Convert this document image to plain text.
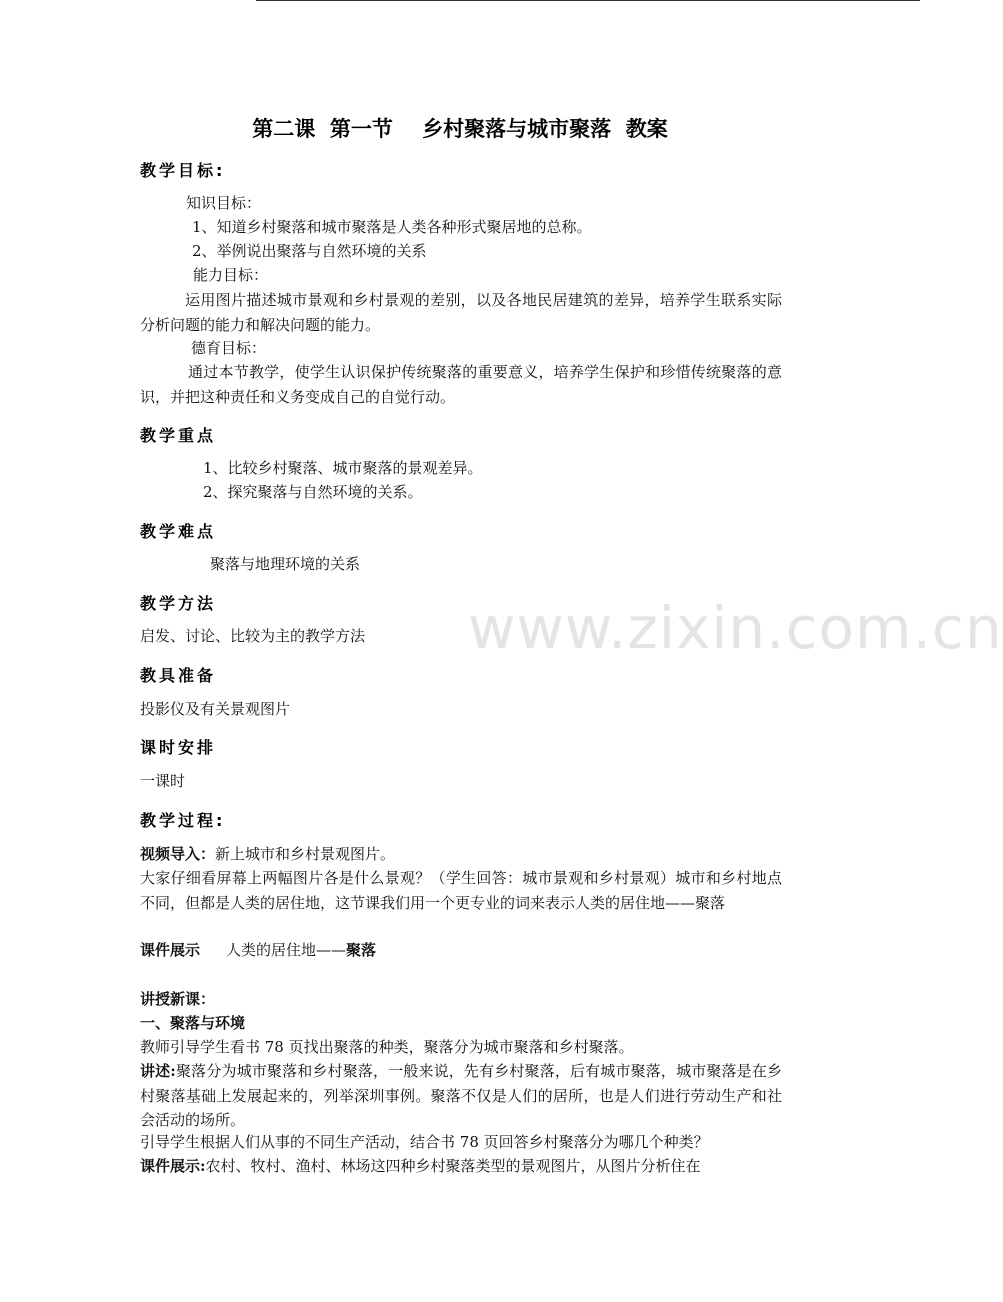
www.zixin.com.cn
第二课  第一节    乡村聚落与城市聚落  教案
教学目标:
知识目标：
1、知道乡村聚落和城市聚落是人类各种形式聚居地的总称。
2、举例说出聚落与自然环境的关系
能力目标：
运用图片描述城市景观和乡村景观的差别，以及各地民居建筑的差异，培养学生联系实际分析问题的能力和解决问题的能力。
德育目标：
通过本节教学，使学生认识保护传统聚落的重要意义，培养学生保护和珍惜传统聚落的意识，并把这种责任和义务变成自己的自觉行动。
教学重点
1、比较乡村聚落、城市聚落的景观差异。
2、探究聚落与自然环境的关系。
教学难点
聚落与地理环境的关系
教学方法
启发、讨论、比较为主的教学方法
教具准备
投影仪及有关景观图片
课时安排
一课时
教学过程:
视频导入：新上城市和乡村景观图片。
大家仔细看屏幕上两幅图片各是什么景观？（学生回答：城市景观和乡村景观）城市和乡村地点不同，但都是人类的居住地，这节课我们用一个更专业的词来表示人类的居住地——聚落
课件展示 人类的居住地——聚落
讲授新课：
一、聚落与环境
教师引导学生看书 78 页找出聚落的种类，聚落分为城市聚落和乡村聚落。
讲述:聚落分为城市聚落和乡村聚落，一般来说，先有乡村聚落，后有城市聚落，城市聚落是在乡村聚落基础上发展起来的，列举深圳事例。聚落不仅是人们的居所，也是人们进行劳动生产和社会活动的场所。
引导学生根据人们从事的不同生产活动，结合书 78 页回答乡村聚落分为哪几个种类？
课件展示:农村、牧村、渔村、林场这四种乡村聚落类型的景观图片，从图片分析住在
